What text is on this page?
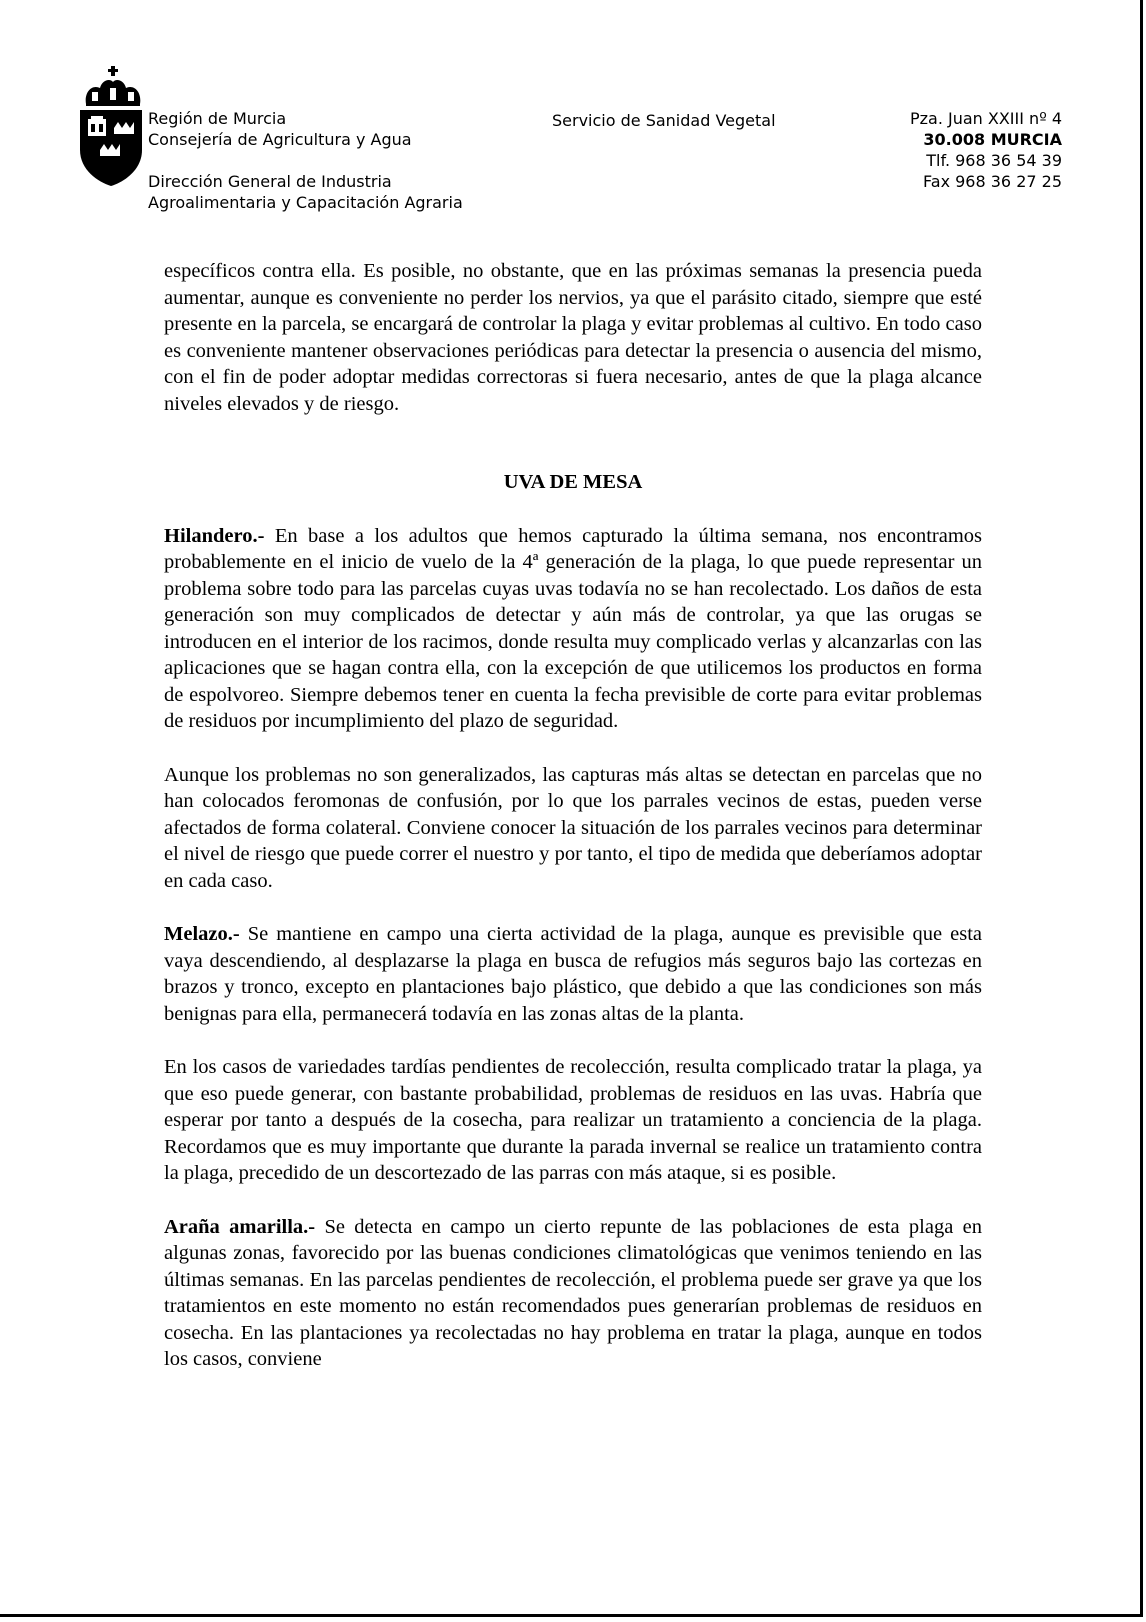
Región de Murcia
Consejería de Agricultura y Agua
Dirección General de Industria
Agroalimentaria y Capacitación Agraria
Servicio de Sanidad Vegetal	Pza. Juan XXIII nº 4
30.008 MURCIA
Tlf. 968 36 54 39
Fax 968 36 27 25

específicos contra ella. Es posible, no obstante, que en las próximas semanas la presencia pueda aumentar, aunque es conveniente no perder los nervios, ya que el parásito citado, siempre que esté presente en la parcela, se encargará de controlar la plaga y evitar problemas al cultivo. En todo caso es conveniente mantener observaciones periódicas para detectar la presencia o ausencia del mismo, con el fin de poder adoptar medidas correctoras si fuera necesario, antes de que la plaga alcance niveles elevados y de riesgo.

UVA DE MESA

Hilandero.- En base a los adultos que hemos capturado la última semana, nos encontramos probablemente en el inicio de vuelo de la 4ª generación de la plaga, lo que puede representar un problema sobre todo para las parcelas cuyas uvas todavía no se han recolectado. Los daños de esta generación son muy complicados de detectar y aún más de controlar, ya que las orugas se introducen en el interior de los racimos, donde resulta muy complicado verlas y alcanzarlas con las aplicaciones que se hagan contra ella, con la excepción de que utilicemos los productos en forma de espolvoreo. Siempre debemos tener en cuenta la fecha previsible de corte para evitar problemas de residuos por incumplimiento del plazo de seguridad.

Aunque los problemas no son generalizados, las capturas más altas se detectan en parcelas que no han colocados feromonas de confusión, por lo que los parrales vecinos de estas, pueden verse afectados de forma colateral. Conviene conocer la situación de los parrales vecinos para determinar el nivel de riesgo que puede correr el nuestro y por tanto, el tipo de medida que deberíamos adoptar en cada caso.

Melazo.- Se mantiene en campo una cierta actividad de la plaga, aunque es previsible que esta vaya descendiendo, al desplazarse la plaga en busca de refugios más seguros bajo las cortezas en brazos y tronco, excepto en plantaciones bajo plástico, que debido a que las condiciones son más benignas para ella, permanecerá todavía en las zonas altas de la planta.

En los casos de variedades tardías pendientes de recolección, resulta complicado tratar la plaga, ya que eso puede generar, con bastante probabilidad, problemas de residuos en las uvas. Habría que esperar por tanto a después de la cosecha, para realizar un tratamiento a conciencia de la plaga. Recordamos que es muy importante que durante la parada invernal se realice un tratamiento contra la plaga, precedido de un descortezado de las parras con más ataque, si es posible.

Araña amarilla.- Se detecta en campo un cierto repunte de las poblaciones de esta plaga en algunas zonas, favorecido por las buenas condiciones climatológicas que venimos teniendo en las últimas semanas. En las parcelas pendientes de recolección, el problema puede ser grave ya que los tratamientos en este momento no están recomendados pues generarían problemas de residuos en cosecha. En las plantaciones ya recolectadas no hay problema en tratar la plaga, aunque en todos los casos, conviene
